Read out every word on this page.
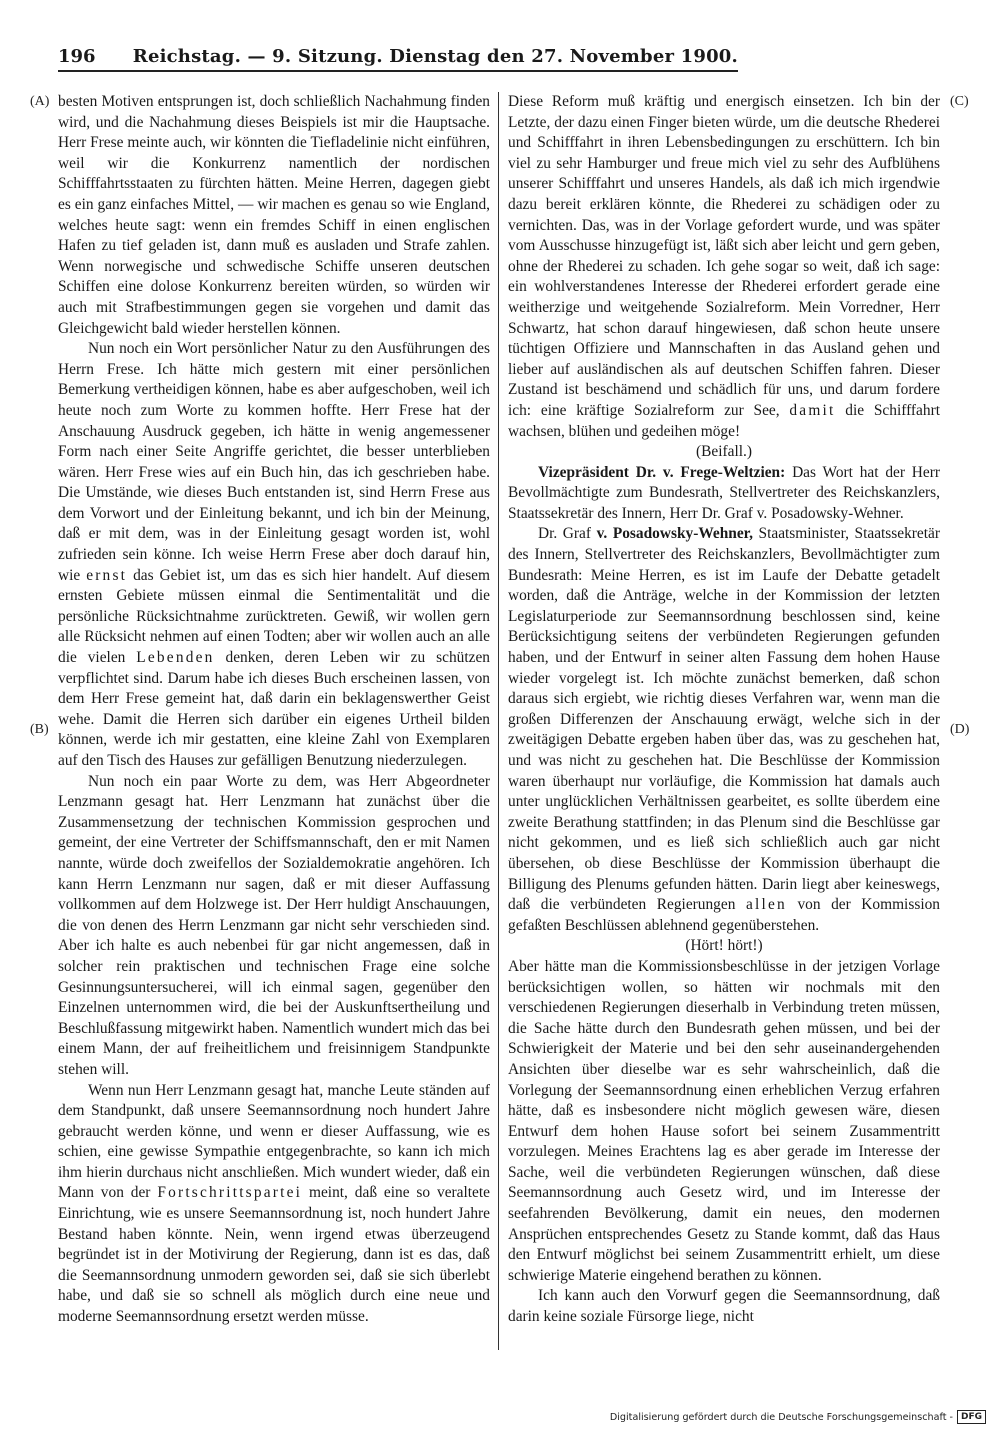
196 Reichstag. — 9. Sitzung. Dienstag den 27. November 1900.
(A)
(B)
(C)
(D)

besten Motiven entsprungen ist, doch schließlich Nachahmung finden wird, und die Nachahmung dieses Beispiels ist mir die Hauptsache. Herr Frese meinte auch, wir könnten die Tiefladelinie nicht einführen, weil wir die Konkurrenz namentlich der nordischen Schifffahrtsstaaten zu fürchten hätten. Meine Herren, dagegen giebt es ein ganz einfaches Mittel, — wir machen es genau so wie England, welches heute sagt: wenn ein fremdes Schiff in einen englischen Hafen zu tief geladen ist, dann muß es ausladen und Strafe zahlen. Wenn norwegische und schwedische Schiffe unseren deutschen Schiffen eine dolose Konkurrenz bereiten würden, so würden wir auch mit Strafbestimmungen gegen sie vorgehen und damit das Gleichgewicht bald wieder herstellen können.

Nun noch ein Wort persönlicher Natur zu den Ausführungen des Herrn Frese. Ich hätte mich gestern mit einer persönlichen Bemerkung vertheidigen können, habe es aber aufgeschoben, weil ich heute noch zum Worte zu kommen hoffte. Herr Frese hat der Anschauung Ausdruck gegeben, ich hätte in wenig angemessener Form nach einer Seite Angriffe gerichtet, die besser unterblieben wären. Herr Frese wies auf ein Buch hin, das ich geschrieben habe. Die Umstände, wie dieses Buch entstanden ist, sind Herrn Frese aus dem Vorwort und der Einleitung bekannt, und ich bin der Meinung, daß er mit dem, was in der Einleitung gesagt worden ist, wohl zufrieden sein könne. Ich weise Herrn Frese aber doch darauf hin, wie ernst das Gebiet ist, um das es sich hier handelt. Auf diesem ernsten Gebiete müssen einmal die Sentimentalität und die persönliche Rücksichtnahme zurücktreten. Gewiß, wir wollen gern alle Rücksicht nehmen auf einen Todten; aber wir wollen auch an alle die vielen Lebenden denken, deren Leben wir zu schützen verpflichtet sind. Darum habe ich dieses Buch erscheinen lassen, von dem Herr Frese gemeint hat, daß darin ein beklagenswerther Geist wehe. Damit die Herren sich darüber ein eigenes Urtheil bilden können, werde ich mir gestatten, eine kleine Zahl von Exemplaren auf den Tisch des Hauses zur gefälligen Benutzung niederzulegen.

Nun noch ein paar Worte zu dem, was Herr Abgeordneter Lenzmann gesagt hat. Herr Lenzmann hat zunächst über die Zusammensetzung der technischen Kommission gesprochen und gemeint, der eine Vertreter der Schiffsmannschaft, den er mit Namen nannte, würde doch zweifellos der Sozialdemokratie angehören. Ich kann Herrn Lenzmann nur sagen, daß er mit dieser Auffassung vollkommen auf dem Holzwege ist. Der Herr huldigt Anschauungen, die von denen des Herrn Lenzmann gar nicht sehr verschieden sind. Aber ich halte es auch nebenbei für gar nicht angemessen, daß in solcher rein praktischen und technischen Frage eine solche Gesinnungsuntersucherei, will ich einmal sagen, gegenüber den Einzelnen unternommen wird, die bei der Auskunftsertheilung und Beschlußfassung mitgewirkt haben. Namentlich wundert mich das bei einem Mann, der auf freiheitlichem und freisinnigem Standpunkte stehen will.

Wenn nun Herr Lenzmann gesagt hat, manche Leute ständen auf dem Standpunkt, daß unsere Seemannsordnung noch hundert Jahre gebraucht werden könne, und wenn er dieser Auffassung, wie es schien, eine gewisse Sympathie entgegenbrachte, so kann ich mich ihm hierin durchaus nicht anschließen. Mich wundert wieder, daß ein Mann von der Fortschrittspartei meint, daß eine so veraltete Einrichtung, wie es unsere Seemannsordnung ist, noch hundert Jahre Bestand haben könnte. Nein, wenn irgend etwas überzeugend begründet ist in der Motivirung der Regierung, dann ist es das, daß die Seemannsordnung unmodern geworden sei, daß sie sich überlebt habe, und daß sie so schnell als möglich durch eine neue und moderne Seemannsordnung ersetzt werden müsse.

Diese Reform muß kräftig und energisch einsetzen. Ich bin der Letzte, der dazu einen Finger bieten würde, um die deutsche Rhederei und Schifffahrt in ihren Lebensbedingungen zu erschüttern. Ich bin viel zu sehr Hamburger und freue mich viel zu sehr des Aufblühens unserer Schifffahrt und unseres Handels, als daß ich mich irgendwie dazu bereit erklären könnte, die Rhederei zu schädigen oder zu vernichten. Das, was in der Vorlage gefordert wurde, und was später vom Ausschusse hinzugefügt ist, läßt sich aber leicht und gern geben, ohne der Rhederei zu schaden. Ich gehe sogar so weit, daß ich sage: ein wohlverstandenes Interesse der Rhederei erfordert gerade eine weitherzige und weitgehende Sozialreform. Mein Vorredner, Herr Schwartz, hat schon darauf hingewiesen, daß schon heute unsere tüchtigen Offiziere und Mannschaften in das Ausland gehen und lieber auf ausländischen als auf deutschen Schiffen fahren. Dieser Zustand ist beschämend und schädlich für uns, und darum fordere ich: eine kräftige Sozialreform zur See, damit die Schifffahrt wachsen, blühen und gedeihen möge!

(Beifall.)

Vizepräsident Dr. v. Frege-Weltzien: Das Wort hat der Herr Bevollmächtigte zum Bundesrath, Stellvertreter des Reichskanzlers, Staatssekretär des Innern, Herr Dr. Graf v. Posadowsky-Wehner.

Dr. Graf v. Posadowsky-Wehner, Staatsminister, Staatssekretär des Innern, Stellvertreter des Reichskanzlers, Bevollmächtigter zum Bundesrath: Meine Herren, es ist im Laufe der Debatte getadelt worden, daß die Anträge, welche in der Kommission der letzten Legislaturperiode zur Seemannsordnung beschlossen sind, keine Berücksichtigung seitens der verbündeten Regierungen gefunden haben, und der Entwurf in seiner alten Fassung dem hohen Hause wieder vorgelegt ist. Ich möchte zunächst bemerken, daß schon daraus sich ergiebt, wie richtig dieses Verfahren war, wenn man die großen Differenzen der Anschauung erwägt, welche sich in der zweitägigen Debatte ergeben haben über das, was zu geschehen hat, und was nicht zu geschehen hat. Die Beschlüsse der Kommission waren überhaupt nur vorläufige, die Kommission hat damals auch unter unglücklichen Verhältnissen gearbeitet, es sollte überdem eine zweite Berathung stattfinden; in das Plenum sind die Beschlüsse gar nicht gekommen, und es ließ sich schließlich auch gar nicht übersehen, ob diese Beschlüsse der Kommission überhaupt die Billigung des Plenums gefunden hätten. Darin liegt aber keineswegs, daß die verbündeten Regierungen allen von der Kommission gefaßten Beschlüssen ablehnend gegenüberstehen.

(Hört! hört!)

Aber hätte man die Kommissionsbeschlüsse in der jetzigen Vorlage berücksichtigen wollen, so hätten wir nochmals mit den verschiedenen Regierungen dieserhalb in Verbindung treten müssen, die Sache hätte durch den Bundesrath gehen müssen, und bei der Schwierigkeit der Materie und bei den sehr auseinandergehenden Ansichten über dieselbe war es sehr wahrscheinlich, daß die Vorlegung der Seemannsordnung einen erheblichen Verzug erfahren hätte, daß es insbesondere nicht möglich gewesen wäre, diesen Entwurf dem hohen Hause sofort bei seinem Zusammentritt vorzulegen. Meines Erachtens lag es aber gerade im Interesse der Sache, weil die verbündeten Regierungen wünschen, daß diese Seemannsordnung auch Gesetz wird, und im Interesse der seefahrenden Bevölkerung, damit ein neues, den modernen Ansprüchen entsprechendes Gesetz zu Stande kommt, daß das Haus den Entwurf möglichst bei seinem Zusammentritt erhielt, um diese schwierige Materie eingehend berathen zu können.

Ich kann auch den Vorwurf gegen die Seemannsordnung, daß darin keine soziale Fürsorge liege, nicht

Digitalisierung gefördert durch die Deutsche Forschungsgemeinschaft - DFG
